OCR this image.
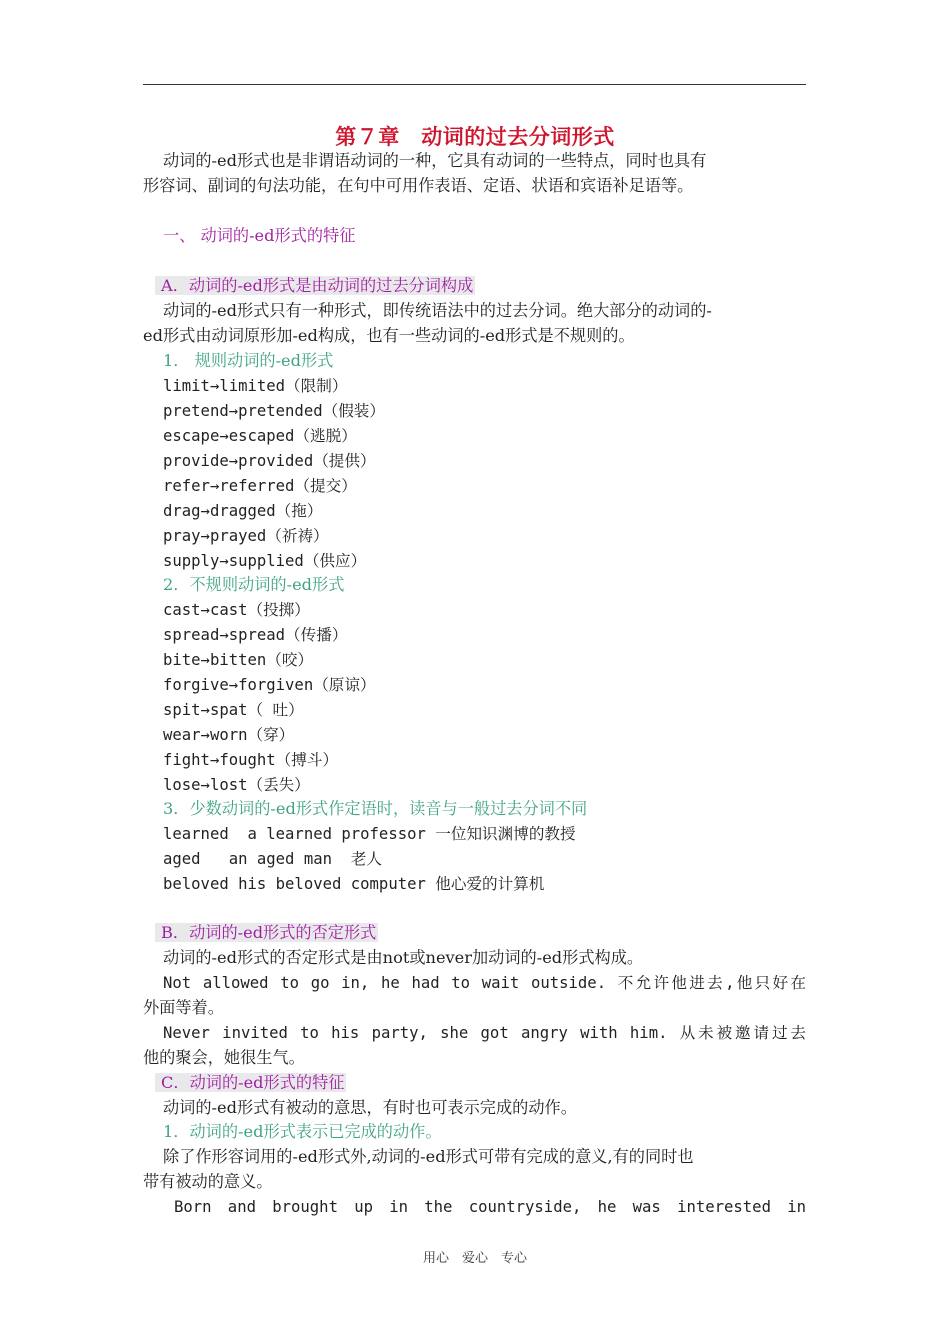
第７章　动词的过去分词形式
动词的-ed形式也是非谓语动词的一种，它具有动词的一些特点，同时也具有
形容词、副词的句法功能，在句中可用作表语、定语、状语和宾语补足语等。
一、 动词的-ed形式的特征
A．动词的-ed形式是由动词的过去分词构成
动词的-ed形式只有一种形式，即传统语法中的过去分词。绝大部分的动词的-
ed形式由动词原形加-ed构成，也有一些动词的-ed形式是不规则的。
1． 规则动词的-ed形式
limit→limited（限制）
pretend→pretended（假装）
escape→escaped（逃脱）
provide→provided（提供）
refer→referred（提交）
drag→dragged（拖）
pray→prayed（祈祷）
supply→supplied（供应）
2．不规则动词的-ed形式
cast→cast（投掷）
spread→spread（传播）
bite→bitten（咬）
forgive→forgiven（原谅）
spit→spat（ 吐）
wear→worn（穿）
fight→fought（搏斗）
lose→lost（丢失）
3．少数动词的-ed形式作定语时，读音与一般过去分词不同
learned  a learned professor 一位知识渊博的教授
aged   an aged man  老人
beloved his beloved computer 他心爱的计算机
B．动词的-ed形式的否定形式
动词的-ed形式的否定形式是由not或never加动词的-ed形式构成。
Not allowed to go in, he had to wait outside. 不允许他进去,他只好在
外面等着。
Never invited to his party, she got angry with him. 从未被邀请过去
他的聚会，她很生气。
C．动词的-ed形式的特征
动词的-ed形式有被动的意思，有时也可表示完成的动作。
1．动词的-ed形式表示已完成的动作。
除了作形容词用的-ed形式外,动词的-ed形式可带有完成的意义,有的同时也
带有被动的意义。
Born and brought up in the countryside, he was interested in
用心　爱心　专心
